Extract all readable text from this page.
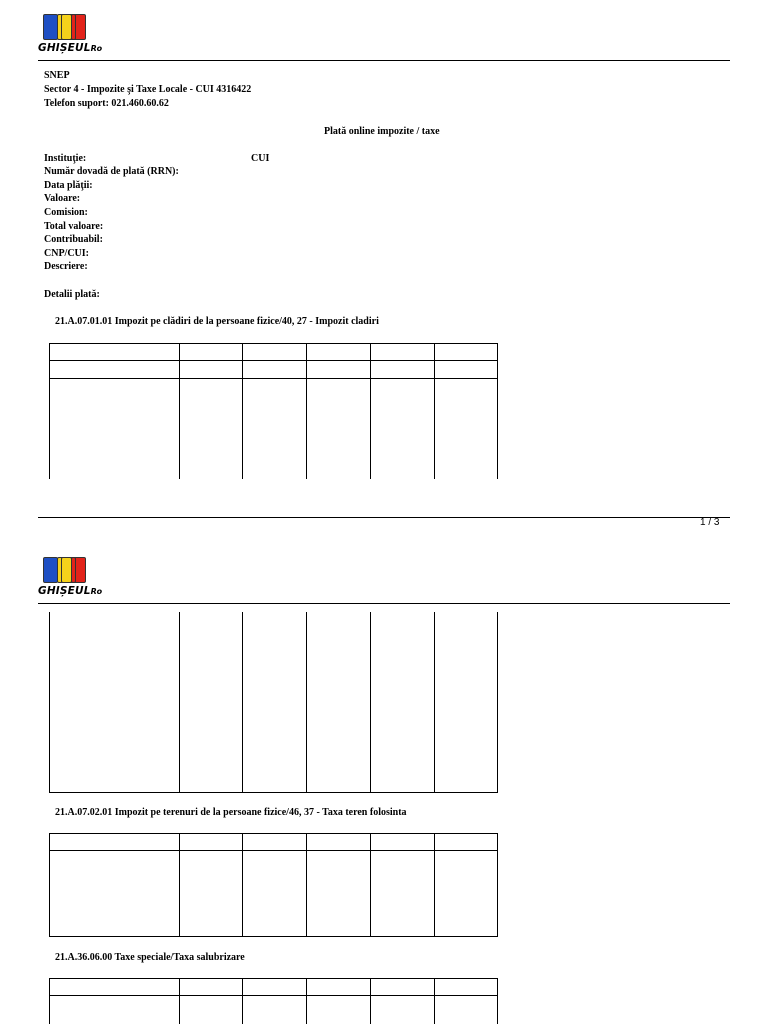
GHIȘEULRo
SNEP
Sector 4 - Impozite şi Taxe Locale - CUI 4316422
Telefon suport: 021.460.60.62
Plată online impozite / taxe
Instituţie:	CUI
Număr dovadă de plată (RRN):
Data plăţii:
Valoare:
Comision:
Total valoare:
Contribuabil:
CNP/CUI:
Descriere:
Detalii plată:
21.A.07.01.01 Impozit pe clădiri de la persoane fizice/40, 27 - Impozit cladiri
1 / 3
GHIȘEULRo
21.A.07.02.01 Impozit pe terenuri de la persoane fizice/46, 37 - Taxa teren folosinta
21.A.36.06.00 Taxe speciale/Taxa salubrizare
